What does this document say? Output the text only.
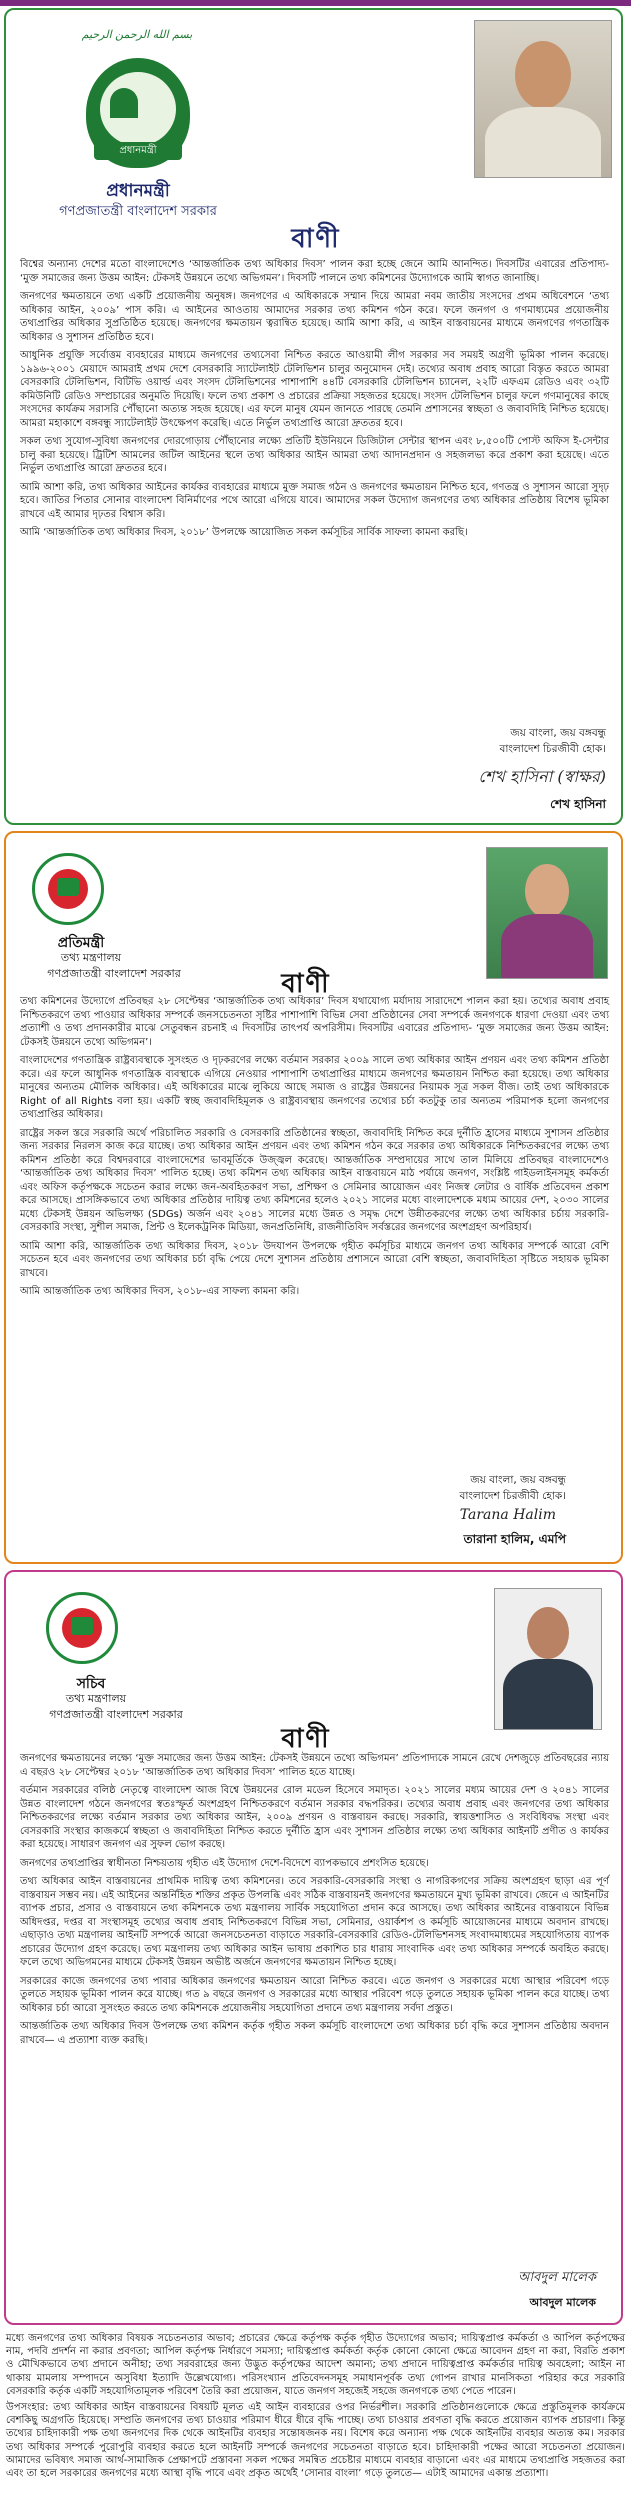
بسم الله الرحمن الرحيم
প্রধানমন্ত্রী
প্রধানমন্ত্রী
গণপ্রজাতন্ত্রী বাংলাদেশ সরকার
বাণী

বিশ্বের অন্যান্য দেশের মতো বাংলাদেশেও ‘আন্তর্জাতিক তথ্য অধিকার দিবস’ পালন করা হচ্ছে জেনে আমি আনন্দিত। দিবসটির এবারের প্রতিপাদ্য- ‘মুক্ত সমাজের জন্য উত্তম আইন: টেকসই উন্নয়নে তথ্যে অভিগমন’। দিবসটি পালনে তথ্য কমিশনের উদ্যোগকে আমি স্বাগত জানাচ্ছি।

জনগণের ক্ষমতায়নে তথ্য একটি প্রয়োজনীয় অনুষঙ্গ। জনগণের এ অধিকারকে সম্মান দিয়ে আমরা নবম জাতীয় সংসদের প্রথম অধিবেশনে ‘তথ্য অধিকার আইন, ২০০৯’ পাস করি। এ আইনের আওতায় আমাদের সরকার তথ্য কমিশন গঠন করে। ফলে জনগণ ও গণমাধ্যমের প্রয়োজনীয় তথ্যপ্রাপ্তির অধিকার সুপ্রতিষ্ঠিত হয়েছে। জনগণের ক্ষমতায়ন ত্বরান্বিত হয়েছে। আমি আশা করি, এ আইন বাস্তবায়নের মাধ্যমে জনগণের গণতান্ত্রিক অধিকার ও সুশাসন প্রতিষ্ঠিত হবে।

আধুনিক প্রযুক্তি সর্বোত্তম ব্যবহারের মাধ্যমে জনগণের তথ্যসেবা নিশ্চিত করতে আওয়ামী লীগ সরকার সব সময়ই অগ্রণী ভূমিকা পালন করেছে। ১৯৯৬-২০০১ মেয়াদে আমরাই প্রথম দেশে বেসরকারি স্যাটেলাইট টেলিভিশন চালুর অনুমোদন দেই। তথ্যের অবাধ প্রবাহ আরো বিস্তৃত করতে আমরা বেসরকারি টেলিভিশন, বিটিভি ওয়ার্ল্ড এবং সংসদ টেলিভিশনের পাশাপাশি ৪৪টি বেসরকারি টেলিভিশন চ্যানেল, ২২টি এফএম রেডিও এবং ৩২টি কমিউনিটি রেডিও সম্প্রচারের অনুমতি দিয়েছি। ফলে তথ্য প্রকাশ ও প্রচারের প্রক্রিয়া সহজতর হয়েছে। সংসদ টেলিভিশন চালুর ফলে গণমানুষের কাছে সংসদের কার্যক্রম সরাসরি পৌঁছানো অত্যন্ত সহজ হয়েছে। এর ফলে মানুষ যেমন জানতে পারছে তেমনি প্রশাসনের স্বচ্ছতা ও জবাবদিহি নিশ্চিত হয়েছে। আমরা মহাকাশে বঙ্গবন্ধু স্যাটেলাইট উৎক্ষেপণ করেছি। এতে নির্ভুল তথ্যপ্রাপ্তি আরো দ্রুততর হবে।

সকল তথ্য সুযোগ-সুবিধা জনগণের দোরগোড়ায় পৌঁছানোর লক্ষ্যে প্রতিটি ইউনিয়নে ডিজিটাল সেন্টার স্থাপন এবং ৮,৫০০টি পোস্ট অফিস ই-সেন্টার চালু করা হয়েছে। ট্রিটিশ আমলের জটিল আইনের স্থলে তথ্য অধিকার আইন আমরা তথ্য আদানপ্রদান ও সহজলভ্য করে প্রকাশ করা হয়েছে। এতে নির্ভুল তথ্যপ্রাপ্তি আরো দ্রুততর হবে।

আমি আশা করি, তথ্য অধিকার আইনের কার্যকর ব্যবহারের মাধ্যমে মুক্ত সমাজ গঠন ও জনগণের ক্ষমতায়ন নিশ্চিত হবে, গণতন্ত্র ও সুশাসন আরো সুদৃঢ় হবে। জাতির পিতার সোনার বাংলাদেশ বিনির্মাণের পথে আরো এগিয়ে যাবে। আমাদের সকল উদ্যোগ জনগণের তথ্য অধিকার প্রতিষ্ঠায় বিশেষ ভূমিকা রাখবে এই আমার দৃঢ়তর বিশ্বাস করি।

আমি ‘আন্তর্জাতিক তথ্য অধিকার দিবস, ২০১৮’ উপলক্ষে আয়োজিত সকল কর্মসূচির সার্বিক সাফল্য কামনা করছি।

জয় বাংলা, জয় বঙ্গবন্ধু
বাংলাদেশ চিরজীবী হোক।
শেখ হাসিনা (স্বাক্ষর)
শেখ হাসিনা
প্রতিমন্ত্রী
তথ্য মন্ত্রণালয়
গণপ্রজাতন্ত্রী বাংলাদেশ সরকার	বাণী

তথ্য কমিশনের উদ্যোগে প্রতিবছর ২৮ সেপ্টেম্বর ‘আন্তর্জাতিক তথ্য অধিকার’ দিবস যথাযোগ্য মর্যাদায় সারাদেশে পালন করা হয়। তথ্যের অবাধ প্রবাহ নিশ্চিতকরণে তথ্য পাওয়ার অধিকার সম্পর্কে জনসচেতনতা সৃষ্টির পাশাপাশি বিভিন্ন সেবা প্রতিষ্ঠানের সেবা সম্পর্কে জনগণকে ধারণা দেওয়া এবং তথ্য প্রত্যাশী ও তথ্য প্রদানকারীর মাঝে সেতুবন্ধন রচনাই এ দিবসটির তাৎপর্য অপরিসীম। দিবসটির এবারের প্রতিপাদ্য- ‘মুক্ত সমাজের জন্য উত্তম আইন: টেকসই উন্নয়নে তথ্যে অভিগমন’।

বাংলাদেশের গণতান্ত্রিক রাষ্ট্রব্যবস্থাকে সুসংহত ও দৃঢ়করণের লক্ষ্যে বর্তমান সরকার ২০০৯ সালে তথ্য অধিকার আইন প্রণয়ন এবং তথ্য কমিশন প্রতিষ্ঠা করে। এর ফলে আধুনিক গণতান্ত্রিক ব্যবস্থাকে এগিয়ে নেওয়ার পাশাপাশি তথ্যপ্রাপ্তির মাধ্যমে জনগণের ক্ষমতায়ন নিশ্চিত করা হয়েছে। তথ্য অধিকার মানুষের অন্যতম মৌলিক অধিকার। এই অধিকারের মাঝে লুকিয়ে আছে সমাজ ও রাষ্ট্রের উন্নয়নের নিয়ামক সূত্র সকল বীজ। তাই তথ্য অধিকারকে Right of all Rights বলা হয়। একটি স্বচ্ছ জবাবদিহিমূলক ও রাষ্ট্রব্যবস্থায় জনগণের তথ্যের চর্চা কতটুকু তার অন্যতম পরিমাপক হলো জনগণের তথ্যপ্রাপ্তির অধিকার।

রাষ্ট্রের সকল স্তরে সরকারি অর্থে পরিচালিত সরকারি ও বেসরকারি প্রতিষ্ঠানের স্বচ্ছতা, জবাবদিহি নিশ্চিত করে দুর্নীতি হ্রাসের মাধ্যমে সুশাসন প্রতিষ্ঠার জন্য সরকার নিরলস কাজ করে যাচ্ছে। তথ্য অধিকার আইন প্রণয়ন এবং তথ্য কমিশন গঠন করে সরকার তথ্য অধিকারকে নিশ্চিতকরণের লক্ষ্যে তথ্য কমিশন প্রতিষ্ঠা করে বিশ্বদরবারে বাংলাদেশের ভাবমূর্তিকে উজ্জ্বল করেছে। আন্তর্জাতিক সম্প্রদায়ের সাথে তাল মিলিয়ে প্রতিবছর বাংলাদেশেও ‘আন্তর্জাতিক তথ্য অধিকার দিবস’ পালিত হচ্ছে। তথ্য কমিশন তথ্য অধিকার আইন বাস্তবায়নে মাঠ পর্যায়ে জনগণ, সংশ্লিষ্ট গাইডলাইনসমূহ কর্মকর্তা এবং অফিস কর্তৃপক্ষকে সচেতন করার লক্ষ্যে জন-অবহিতকরণ সভা, প্রশিক্ষণ ও সেমিনার আয়োজন এবং নিজস্ব লেটার ও বার্ষিক প্রতিবেদন প্রকাশ করে আসছে। প্রাসঙ্গিকভাবে তথ্য অধিকার প্রতিষ্ঠার দায়িত্ব তথ্য কমিশনের হলেও ২০২১ সালের মধ্যে বাংলাদেশকে মধ্যম আয়ের দেশ, ২০৩০ সালের মধ্যে টেকসই উন্নয়ন অভিলক্ষ্য (SDGs) অর্জন এবং ২০৪১ সালের মধ্যে উন্নত ও সমৃদ্ধ দেশে উন্নীতকরণের লক্ষ্যে তথ্য অধিকার চর্চায় সরকারি-বেসরকারি সংস্থা, সুশীল সমাজ, প্রিন্ট ও ইলেকট্রনিক মিডিয়া, জনপ্রতিনিধি, রাজনীতিবিদ সর্বস্তরের জনগণের অংশগ্রহণ অপরিহার্য।

আমি আশা করি, আন্তর্জাতিক তথ্য অধিকার দিবস, ২০১৮ উদযাপন উপলক্ষে গৃহীত কর্মসূচির মাধ্যমে জনগণ তথ্য অধিকার সম্পর্কে আরো বেশি সচেতন হবে এবং জনগণের তথ্য অধিকার চর্চা বৃদ্ধি পেয়ে দেশে সুশাসন প্রতিষ্ঠায় প্রশাসনে আরো বেশি স্বচ্ছতা, জবাবদিহিতা সৃষ্টিতে সহায়ক ভূমিকা রাখবে।

আমি আন্তর্জাতিক তথ্য অধিকার দিবস, ২০১৮-এর সাফল্য কামনা করি।

জয় বাংলা, জয় বঙ্গবন্ধু
বাংলাদেশ চিরজীবী হোক।
Tarana Halim
তারানা হালিম, এমপি
সচিব
তথ্য মন্ত্রণালয়
গণপ্রজাতন্ত্রী বাংলাদেশ সরকার
বাণী

জনগণের ক্ষমতায়নের লক্ষ্যে ‘মুক্ত সমাজের জন্য উত্তম আইন: টেকসই উন্নয়নে তথ্যে অভিগমন’ প্রতিপাদ্যকে সামনে রেখে দেশজুড়ে প্রতিবছরের ন্যায় এ বছরও ২৮ সেপ্টেম্বর ২০১৮ ‘আন্তর্জাতিক তথ্য অধিকার দিবস’ পালিত হতে যাচ্ছে।

বর্তমান সরকারের বলিষ্ঠ নেতৃত্বে বাংলাদেশ আজ বিশ্বে উন্নয়নের রোল মডেল হিসেবে সমাদৃত। ২০২১ সালের মধ্যম আয়ের দেশ ও ২০৪১ সালের উন্নত বাংলাদেশ গঠনে জনগণের স্বতঃস্ফূর্ত অংশগ্রহণ নিশ্চিতকরণে বর্তমান সরকার বদ্ধপরিকর। তথ্যের অবাধ প্রবাহ এবং জনগণের তথ্য অধিকার নিশ্চিতকরণের লক্ষ্যে বর্তমান সরকার তথ্য অধিকার আইন, ২০০৯ প্রণয়ন ও বাস্তবায়ন করছে। সরকারি, স্বায়ত্তশাসিত ও সংবিধিবদ্ধ সংস্থা এবং বেসরকারি সংস্থার কাজকর্মে স্বচ্ছতা ও জবাবদিহিতা নিশ্চিত করতে দুর্নীতি হ্রাস এবং সুশাসন প্রতিষ্ঠার লক্ষ্যে তথ্য অধিকার আইনটি প্রণীত ও কার্যকর করা হয়েছে। সাধারণ জনগণ এর সুফল ভোগ করছে।

জনগণের তথ্যপ্রাপ্তির স্বাধীনতা নিশ্চয়তায় গৃহীত এই উদ্যোগ দেশে-বিদেশে ব্যাপকভাবে প্রশংসিত হয়েছে।

তথ্য অধিকার আইন বাস্তবায়নের প্রাথমিক দায়িত্ব তথ্য কমিশনের। তবে সরকারি-বেসরকারি সংস্থা ও নাগরিকগণের সক্রিয় অংশগ্রহণ ছাড়া এর পূর্ণ বাস্তবায়ন সম্ভব নয়। এই আইনের অন্তর্নিহিত শক্তির প্রকৃত উপলব্ধি এবং সঠিক বাস্তবায়নই জনগণের ক্ষমতায়নে মুখ্য ভূমিকা রাখবে। জেনে এ আইনটির ব্যাপক প্রচার, প্রসার ও বাস্তবায়নে তথ্য কমিশনকে তথ্য মন্ত্রণালয় সার্বিক সহযোগিতা প্রদান করে আসছে। তথ্য অধিকার আইনের বাস্তবায়নে বিভিন্ন অধিদপ্তর, দপ্তর বা সংস্থাসমূহ তথ্যের অবাধ প্রবাহ নিশ্চিতকরণে বিভিন্ন সভা, সেমিনার, ওয়ার্কশপ ও কর্মসূচি আয়োজনের মাধ্যমে অবদান রাখছে। এছাড়াও তথ্য মন্ত্রণালয় আইনটি সম্পর্কে আরো জনসচেতনতা বাড়াতে সরকারি-বেসরকারি রেডিও-টেলিভিশনসহ সংবাদমাধ্যমের সহযোগিতায় ব্যাপক প্রচারের উদ্যোগ গ্রহণ করেছে। তথ্য মন্ত্রণালয় তথ্য অধিকার আইন ভাষায় প্রকাশিত চার ধারায় সাংবাদিক এবং তথ্য অধিকার সম্পর্কে অবহিত করছে। ফলে তথ্যে অভিগমনের মাধ্যমে টেকসই উন্নয়ন অভীষ্ট অর্জনে জনগণের ক্ষমতায়ন নিশ্চিত হচ্ছে।

সরকারের কাজে জনগণের তথ্য পাবার অধিকার জনগণের ক্ষমতায়ন আরো নিশ্চিত করবে। এতে জনগণ ও সরকারের মধ্যে আস্থার পরিবেশ গড়ে তুলতে সহায়ক ভূমিকা পালন করে যাচ্ছে। গত ৯ বছরে জনগণ ও সরকারের মধ্যে আস্থার পরিবেশ গড়ে তুলতে সহায়ক ভূমিকা পালন করে যাচ্ছে। তথ্য অধিকার চর্চা আরো সুসংহত করতে তথ্য কমিশনকে প্রয়োজনীয় সহযোগিতা প্রদানে তথ্য মন্ত্রণালয় সর্বদা প্রস্তুত।

আন্তর্জাতিক তথ্য অধিকার দিবস উপলক্ষে তথ্য কমিশন কর্তৃক গৃহীত সকল কর্মসূচি বাংলাদেশে তথ্য অধিকার চর্চা বৃদ্ধি করে সুশাসন প্রতিষ্ঠায় অবদান রাখবে— এ প্রত্যাশা ব্যক্ত করছি।

আবদুল মালেক
আবদুল মালেক

মধ্যে জনগণের তথ্য অধিকার বিষয়ক সচেতনতার অভাব; প্রচারের ক্ষেত্রে কর্তৃপক্ষ কর্তৃক গৃহীত উদ্যোগের অভাব; দায়িত্বপ্রাপ্ত কর্মকর্তা ও আপিল কর্তৃপক্ষের নাম, পদবি প্রদর্শন না করার প্রবণতা; আপিল কর্তৃপক্ষ নির্ধারণে সমস্যা; দায়িত্বপ্রাপ্ত কর্মকর্তা কর্তৃক কোনো কোনো ক্ষেত্রে আবেদন গ্রহণ না করা, বিরতি প্রকাশ ও মৌখিকভাবে তথ্য প্রদানে অনীহা; তথ্য সরবরাহের জন্য উদ্ভুত কর্তৃপক্ষের আদেশ অমান্য; তথ্য প্রদানে দায়িত্বপ্রাপ্ত কর্মকর্তার দায়িত্ব অবহেলা; আইন না থাকায় মামলায় সম্পাদনে অসুবিধা ইত্যাদি উল্লেখযোগ্য। পরিসংখ্যান প্রতিবেদনসমূহ সমাধানপূর্বক তথ্য গোপন রাখার মানসিকতা পরিহার করে সরকারি বেসরকারি কর্তৃক একটি সহযোগিতামূলক পরিবেশ তৈরি করা প্রয়োজন, যাতে জনগণ সহজেই সহজে জনগণকে তথ্য পেতে পারেন।

উপসংহার: তথ্য অধিকার আইন বাস্তবায়নের বিষয়টি মূলত এই আইন ব্যবহারের ওপর নির্ভরশীল। সরকারি প্রতিষ্ঠানগুলোকে ক্ষেত্রে প্রস্তুতিমূলক কার্যক্রমে বেশকিছু অগ্রগতি হিয়েছে। সম্প্রতি জনগণের তথ্য চাওয়ার পরিমাণ ধীরে ধীরে বৃদ্ধি পাচ্ছে। তথ্য চাওয়ার প্রবণতা বৃদ্ধি করতে প্রয়োজন ব্যাপক প্রচারণা। কিন্তু তথ্যের চাহিদাকারী পক্ষ তথা জনগণের দিক থেকে আইনটির ব্যবহার সন্তোষজনক নয়। বিশেষ করে অন্যান্য পক্ষ থেকে আইনটির ব্যবহার অত্যন্ত কম। সরকার তথ্য অধিকার সম্পর্কে পুরোপুরি ব্যবহার করতে হলে আইনটি সম্পর্কে জনগণের সচেতনতা বাড়াতে হবে। চাহিদাকারী পক্ষের আরো সচেতনতা প্রয়োজন। আমাদের ভবিষ্যৎ সমাজ আর্থ-সামাজিক প্রেক্ষাপটে প্রস্তাবনা সকল পক্ষের সমন্বিত প্রচেষ্টার মাধ্যমে ব্যবহার বাড়ানো এবং এর মাধ্যমে তথ্যপ্রাপ্তি সহজতর করা এবং তা হলে সরকারের জনগণের মধ্যে আস্থা বৃদ্ধি পাবে এবং প্রকৃত অর্থেই ‘সোনার বাংলা’ গড়ে তুলতে— এটাই আমাদের একান্ত প্রত্যাশা।
